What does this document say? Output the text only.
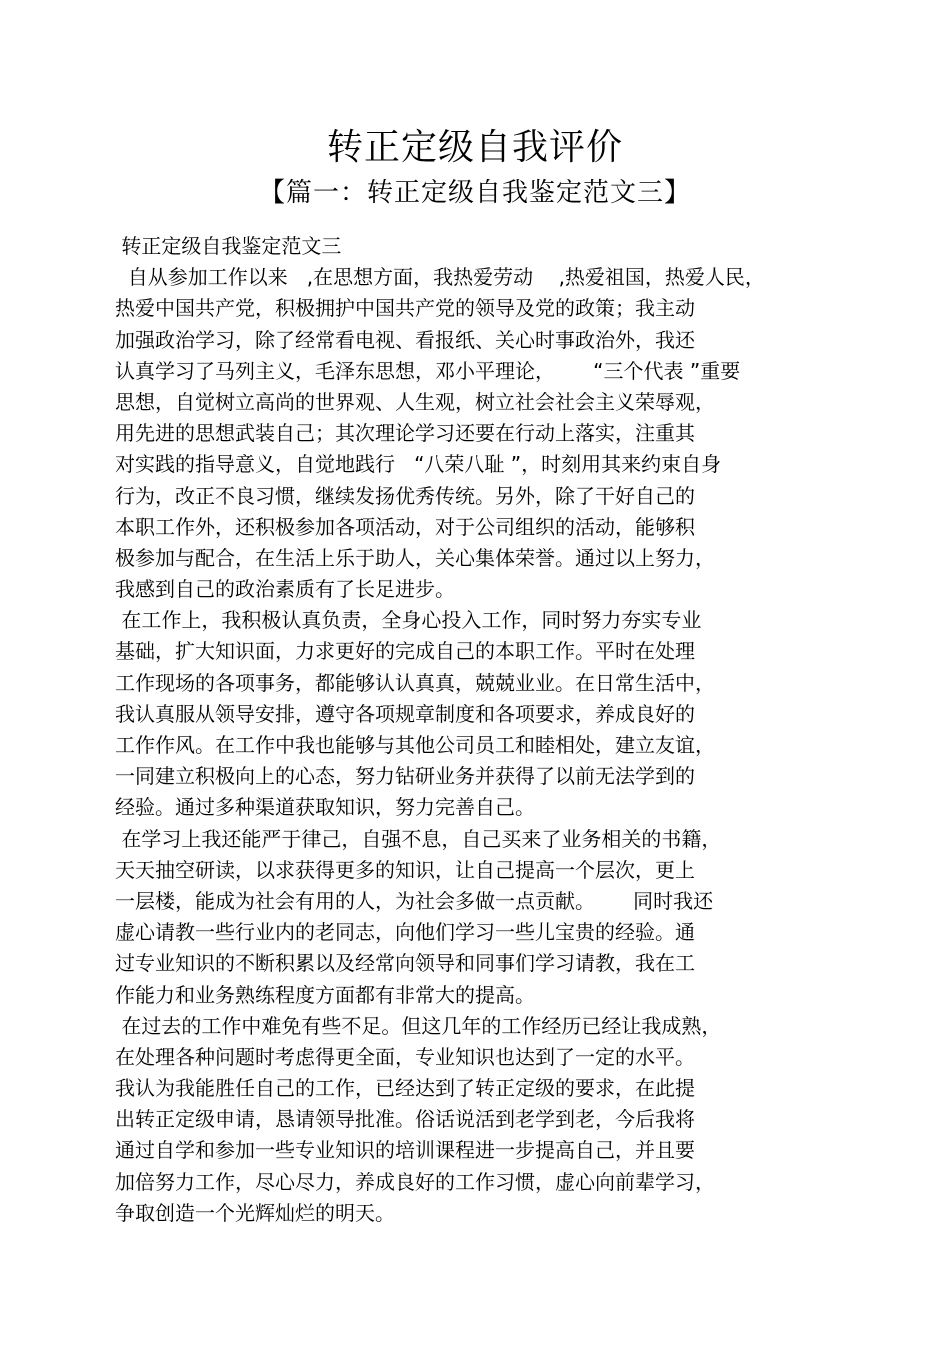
转正定级自我评价
【篇一：转正定级自我鉴定范文三】
转正定级自我鉴定范文三
自从参加工作以来   ,在思想方面，我热爱劳动    ,热爱祖国，热爱人民，
热爱中国共产党，积极拥护中国共产党的领导及党的政策；我主动
加强政治学习，除了经常看电视、看报纸、关心时事政治外，我还
认真学习了马列主义，毛泽东思想，邓小平理论，      “三个代表 ”重要
思想，自觉树立高尚的世界观、人生观，树立社会社会主义荣辱观，
用先进的思想武装自己；其次理论学习还要在行动上落实，注重其
对实践的指导意义，自觉地践行   “八荣八耻 ”，时刻用其来约束自身
行为，改正不良习惯，继续发扬优秀传统。另外，除了干好自己的
本职工作外，还积极参加各项活动，对于公司组织的活动，能够积
极参加与配合，在生活上乐于助人，关心集体荣誉。通过以上努力，
我感到自己的政治素质有了长足进步。
在工作上，我积极认真负责，全身心投入工作，同时努力夯实专业
基础，扩大知识面，力求更好的完成自己的本职工作。平时在处理
工作现场的各项事务，都能够认认真真，兢兢业业。在日常生活中，
我认真服从领导安排，遵守各项规章制度和各项要求，养成良好的
工作作风。在工作中我也能够与其他公司员工和睦相处，建立友谊，
一同建立积极向上的心态，努力钻研业务并获得了以前无法学到的
经验。通过多种渠道获取知识，努力完善自己。
在学习上我还能严于律己，自强不息，自己买来了业务相关的书籍，
天天抽空研读，以求获得更多的知识，让自己提高一个层次，更上
一层楼，能成为社会有用的人，为社会多做一点贡献。      同时我还
虚心请教一些行业内的老同志，向他们学习一些儿宝贵的经验。通
过专业知识的不断积累以及经常向领导和同事们学习请教，我在工
作能力和业务熟练程度方面都有非常大的提高。
在过去的工作中难免有些不足。但这几年的工作经历已经让我成熟，
在处理各种问题时考虑得更全面，专业知识也达到了一定的水平。
我认为我能胜任自己的工作，已经达到了转正定级的要求，在此提
出转正定级申请，恳请领导批准。俗话说活到老学到老，今后我将
通过自学和参加一些专业知识的培训课程进一步提高自己，并且要
加倍努力工作，尽心尽力，养成良好的工作习惯，虚心向前辈学习，
争取创造一个光辉灿烂的明天。
